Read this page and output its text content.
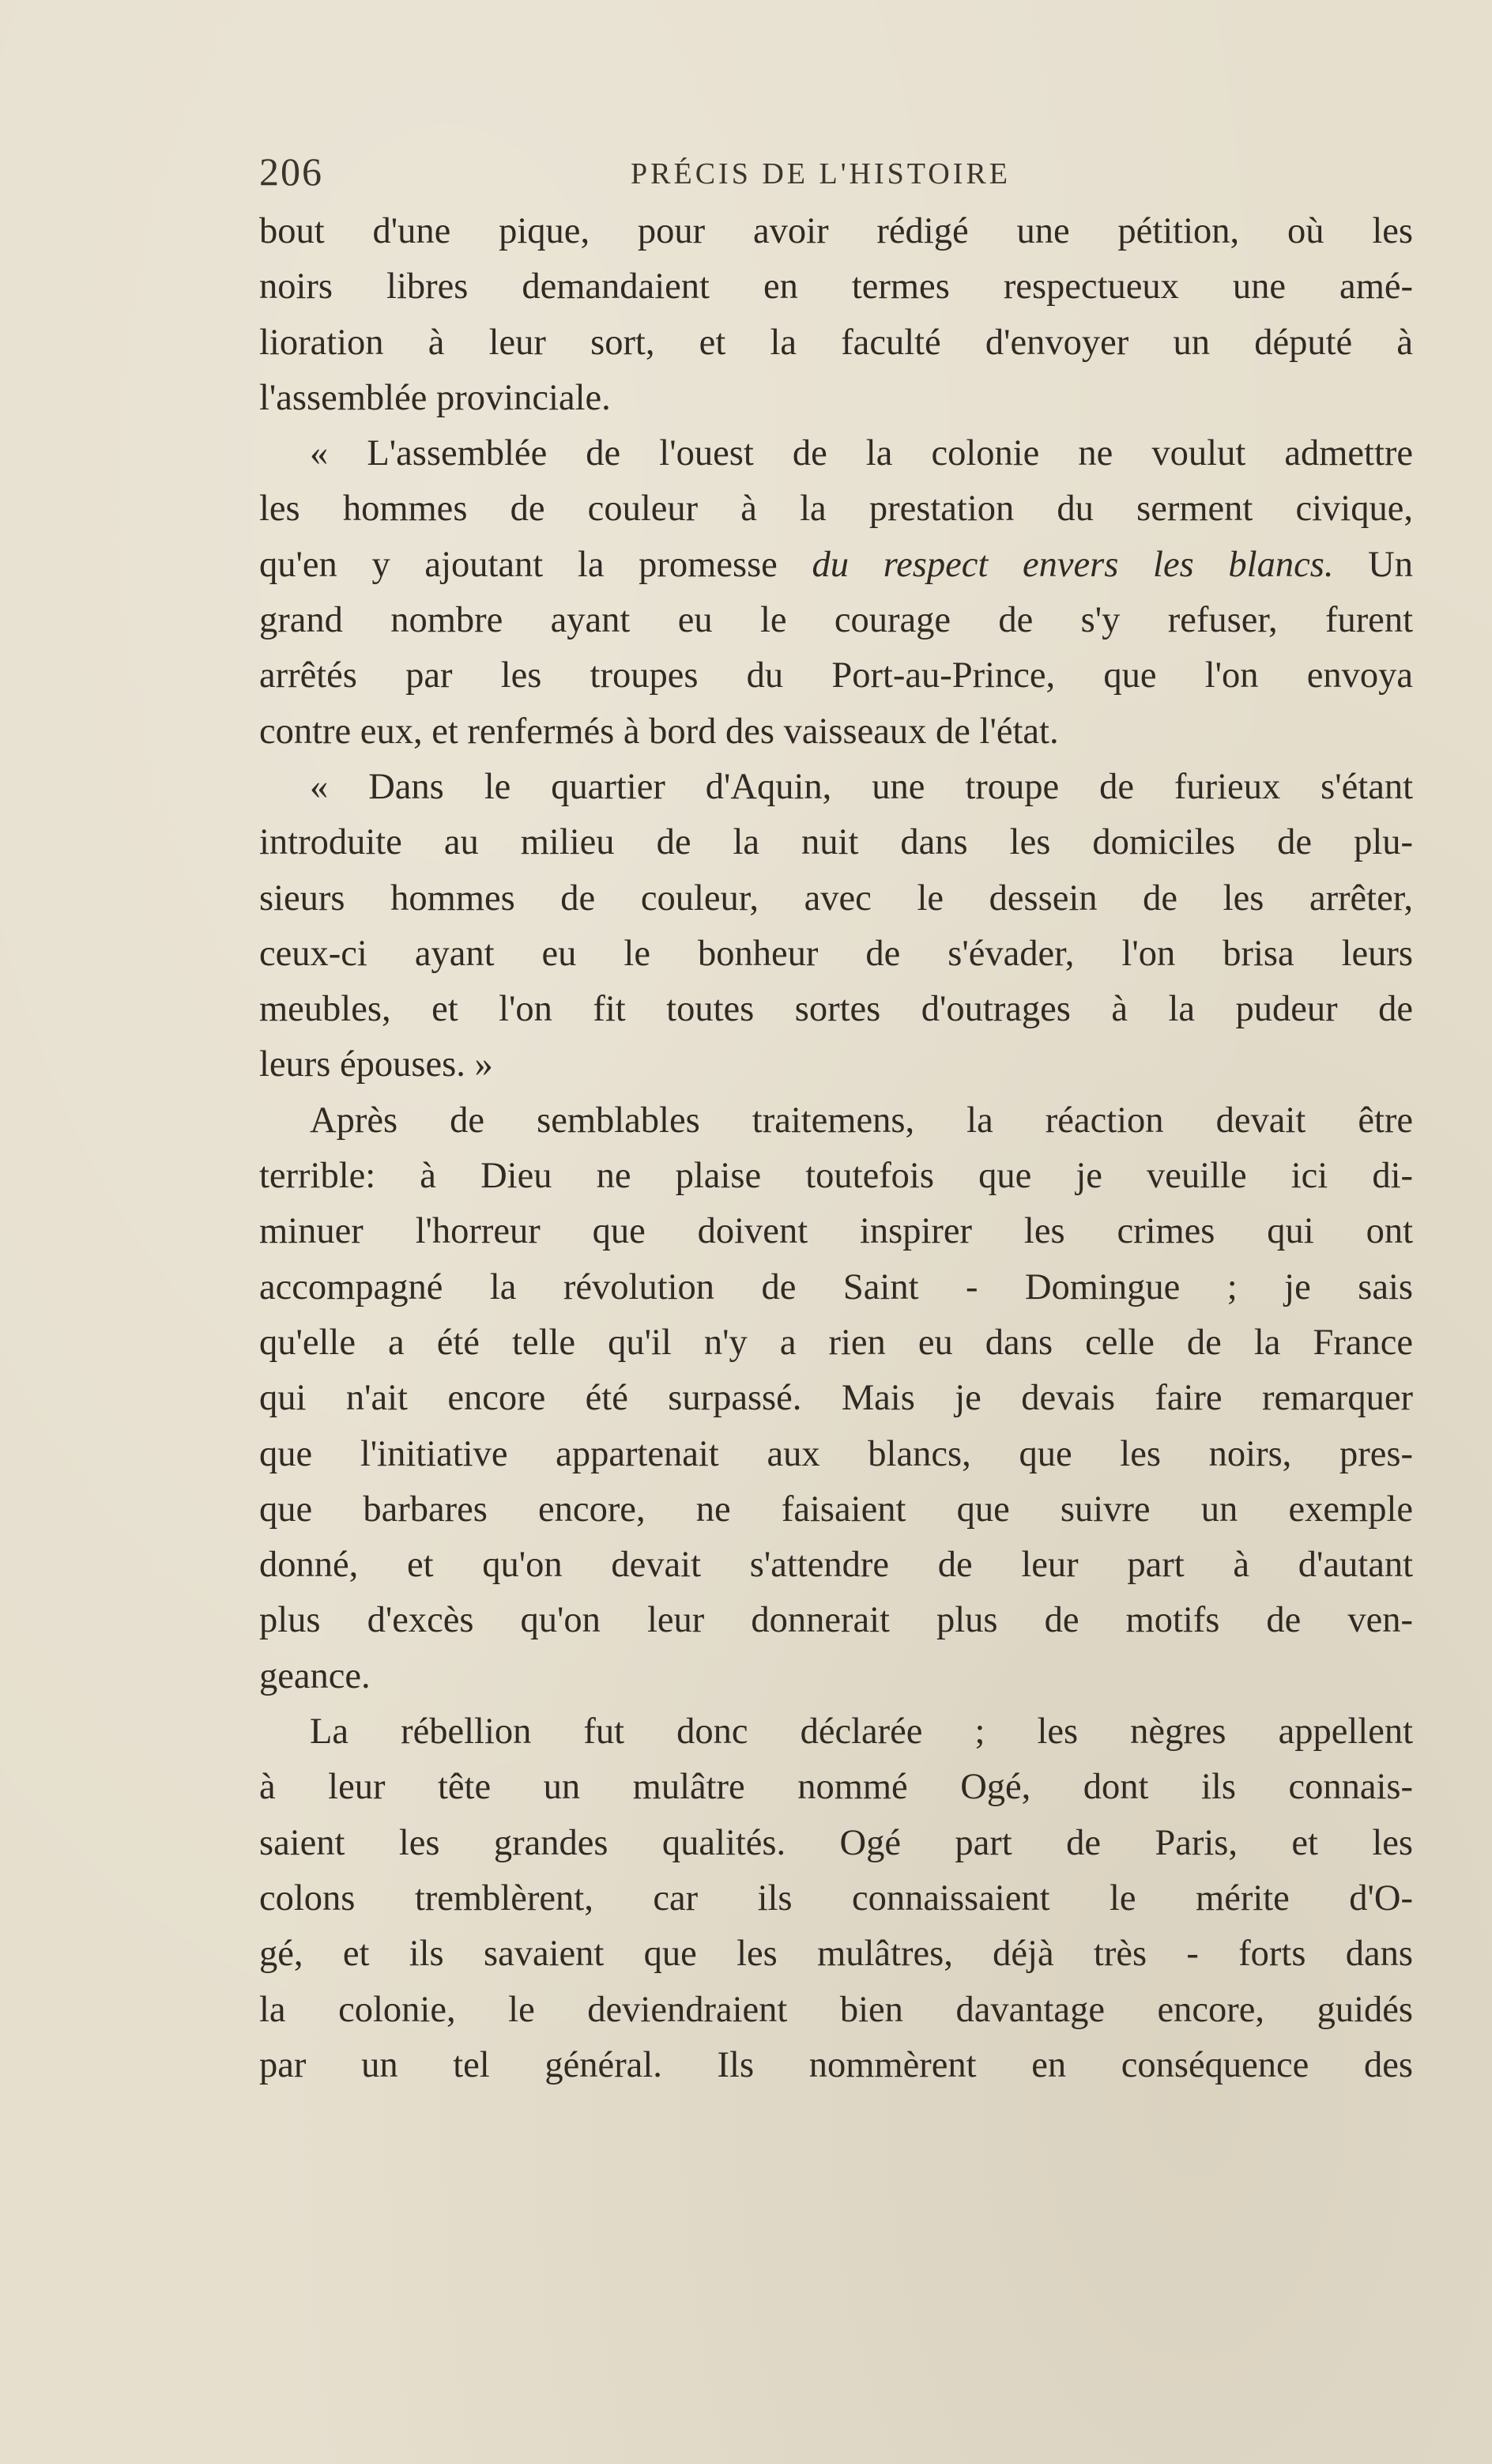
206	PRÉCIS DE L'HISTOIRE
bout d'une pique, pour avoir rédigé une pétition, où les
noirs libres demandaient en termes respectueux une amé-
lioration à leur sort, et la faculté d'envoyer un député à
l'assemblée provinciale.
« L'assemblée de l'ouest de la colonie ne voulut admettre
les hommes de couleur à la prestation du serment civique,
qu'en y ajoutant la promesse du respect envers les blancs. Un
grand nombre ayant eu le courage de s'y refuser, furent
arrêtés par les troupes du Port-au-Prince, que l'on envoya
contre eux, et renfermés à bord des vaisseaux de l'état.
« Dans le quartier d'Aquin, une troupe de furieux s'étant
introduite au milieu de la nuit dans les domiciles de plu-
sieurs hommes de couleur, avec le dessein de les arrêter,
ceux-ci ayant eu le bonheur de s'évader, l'on brisa leurs
meubles, et l'on fit toutes sortes d'outrages à la pudeur de
leurs épouses. »
Après de semblables traitemens, la réaction devait être
terrible: à Dieu ne plaise toutefois que je veuille ici di-
minuer l'horreur que doivent inspirer les crimes qui ont
accompagné la révolution de Saint - Domingue ; je sais
qu'elle a été telle qu'il n'y a rien eu dans celle de la France
qui n'ait encore été surpassé. Mais je devais faire remarquer
que l'initiative appartenait aux blancs, que les noirs, pres-
que barbares encore, ne faisaient que suivre un exemple
donné, et qu'on devait s'attendre de leur part à d'autant
plus d'excès qu'on leur donnerait plus de motifs de ven-
geance.
La rébellion fut donc déclarée ; les nègres appellent
à leur tête un mulâtre nommé Ogé, dont ils connais-
saient les grandes qualités. Ogé part de Paris, et les
colons tremblèrent, car ils connaissaient le mérite d'O-
gé, et ils savaient que les mulâtres, déjà très - forts dans
la colonie, le deviendraient bien davantage encore, guidés
par un tel général. Ils nommèrent en conséquence des
